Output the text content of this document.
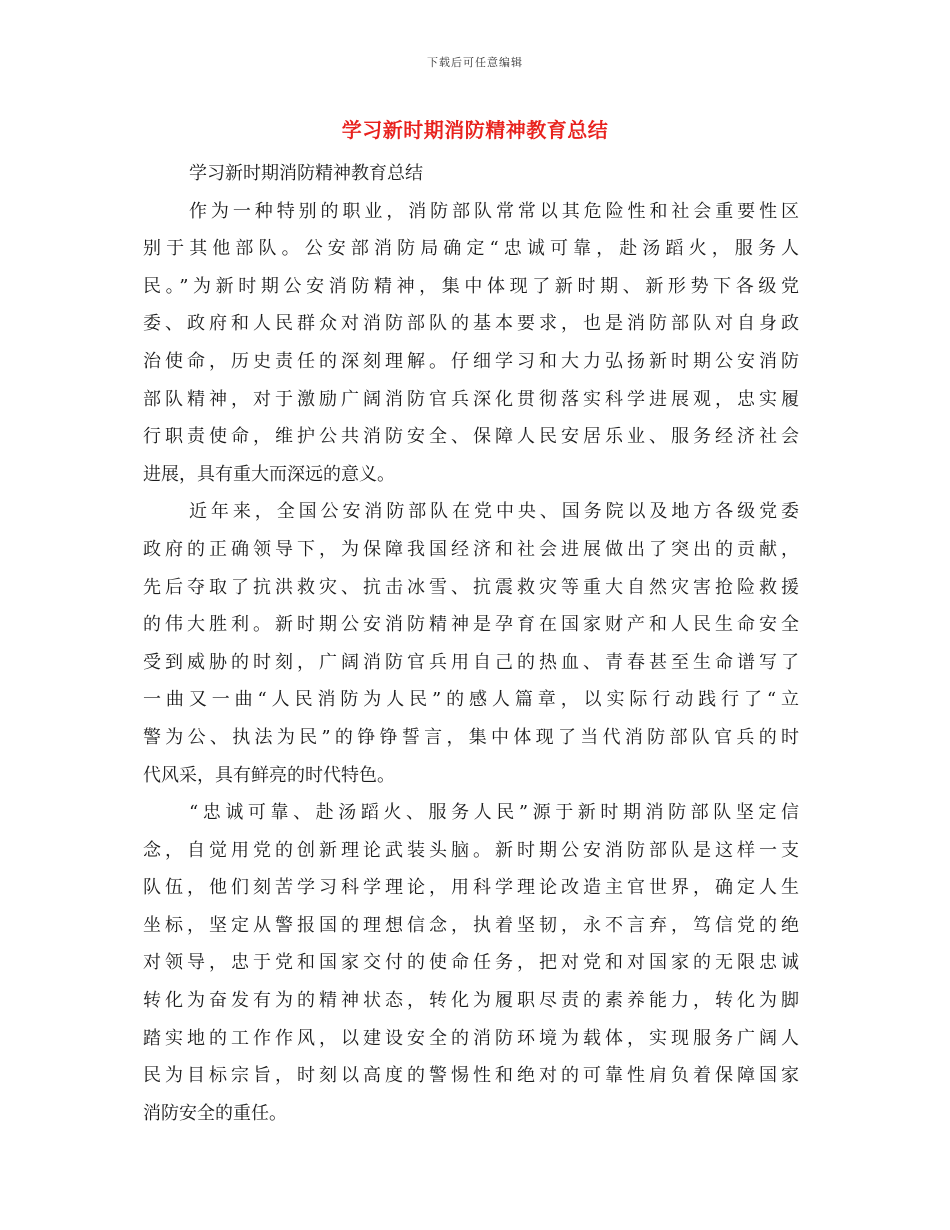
下载后可任意编辑
学习新时期消防精神教育总结
学习新时期消防精神教育总结
作为一种特别的职业，消防部队常常以其危险性和社会重要性区
别于其他部队。公安部消防局确定“忠诚可靠，赴汤蹈火，服务人
民。”为新时期公安消防精神，集中体现了新时期、新形势下各级党
委、政府和人民群众对消防部队的基本要求，也是消防部队对自身政
治使命，历史责任的深刻理解。仔细学习和大力弘扬新时期公安消防
部队精神，对于激励广阔消防官兵深化贯彻落实科学进展观，忠实履
行职责使命，维护公共消防安全、保障人民安居乐业、服务经济社会
进展，具有重大而深远的意义。
近年来，全国公安消防部队在党中央、国务院以及地方各级党委
政府的正确领导下，为保障我国经济和社会进展做出了突出的贡献，
先后夺取了抗洪救灾、抗击冰雪、抗震救灾等重大自然灾害抢险救援
的伟大胜利。新时期公安消防精神是孕育在国家财产和人民生命安全
受到威胁的时刻，广阔消防官兵用自己的热血、青春甚至生命谱写了
一曲又一曲“人民消防为人民”的感人篇章，以实际行动践行了“立
警为公、执法为民”的铮铮誓言，集中体现了当代消防部队官兵的时
代风采，具有鲜亮的时代特色。
“忠诚可靠、赴汤蹈火、服务人民”源于新时期消防部队坚定信
念，自觉用党的创新理论武装头脑。新时期公安消防部队是这样一支
队伍，他们刻苦学习科学理论，用科学理论改造主官世界，确定人生
坐标，坚定从警报国的理想信念，执着坚韧，永不言弃，笃信党的绝
对领导，忠于党和国家交付的使命任务，把对党和对国家的无限忠诚
转化为奋发有为的精神状态，转化为履职尽责的素养能力，转化为脚
踏实地的工作作风，以建设安全的消防环境为载体，实现服务广阔人
民为目标宗旨，时刻以高度的警惕性和绝对的可靠性肩负着保障国家
消防安全的重任。
